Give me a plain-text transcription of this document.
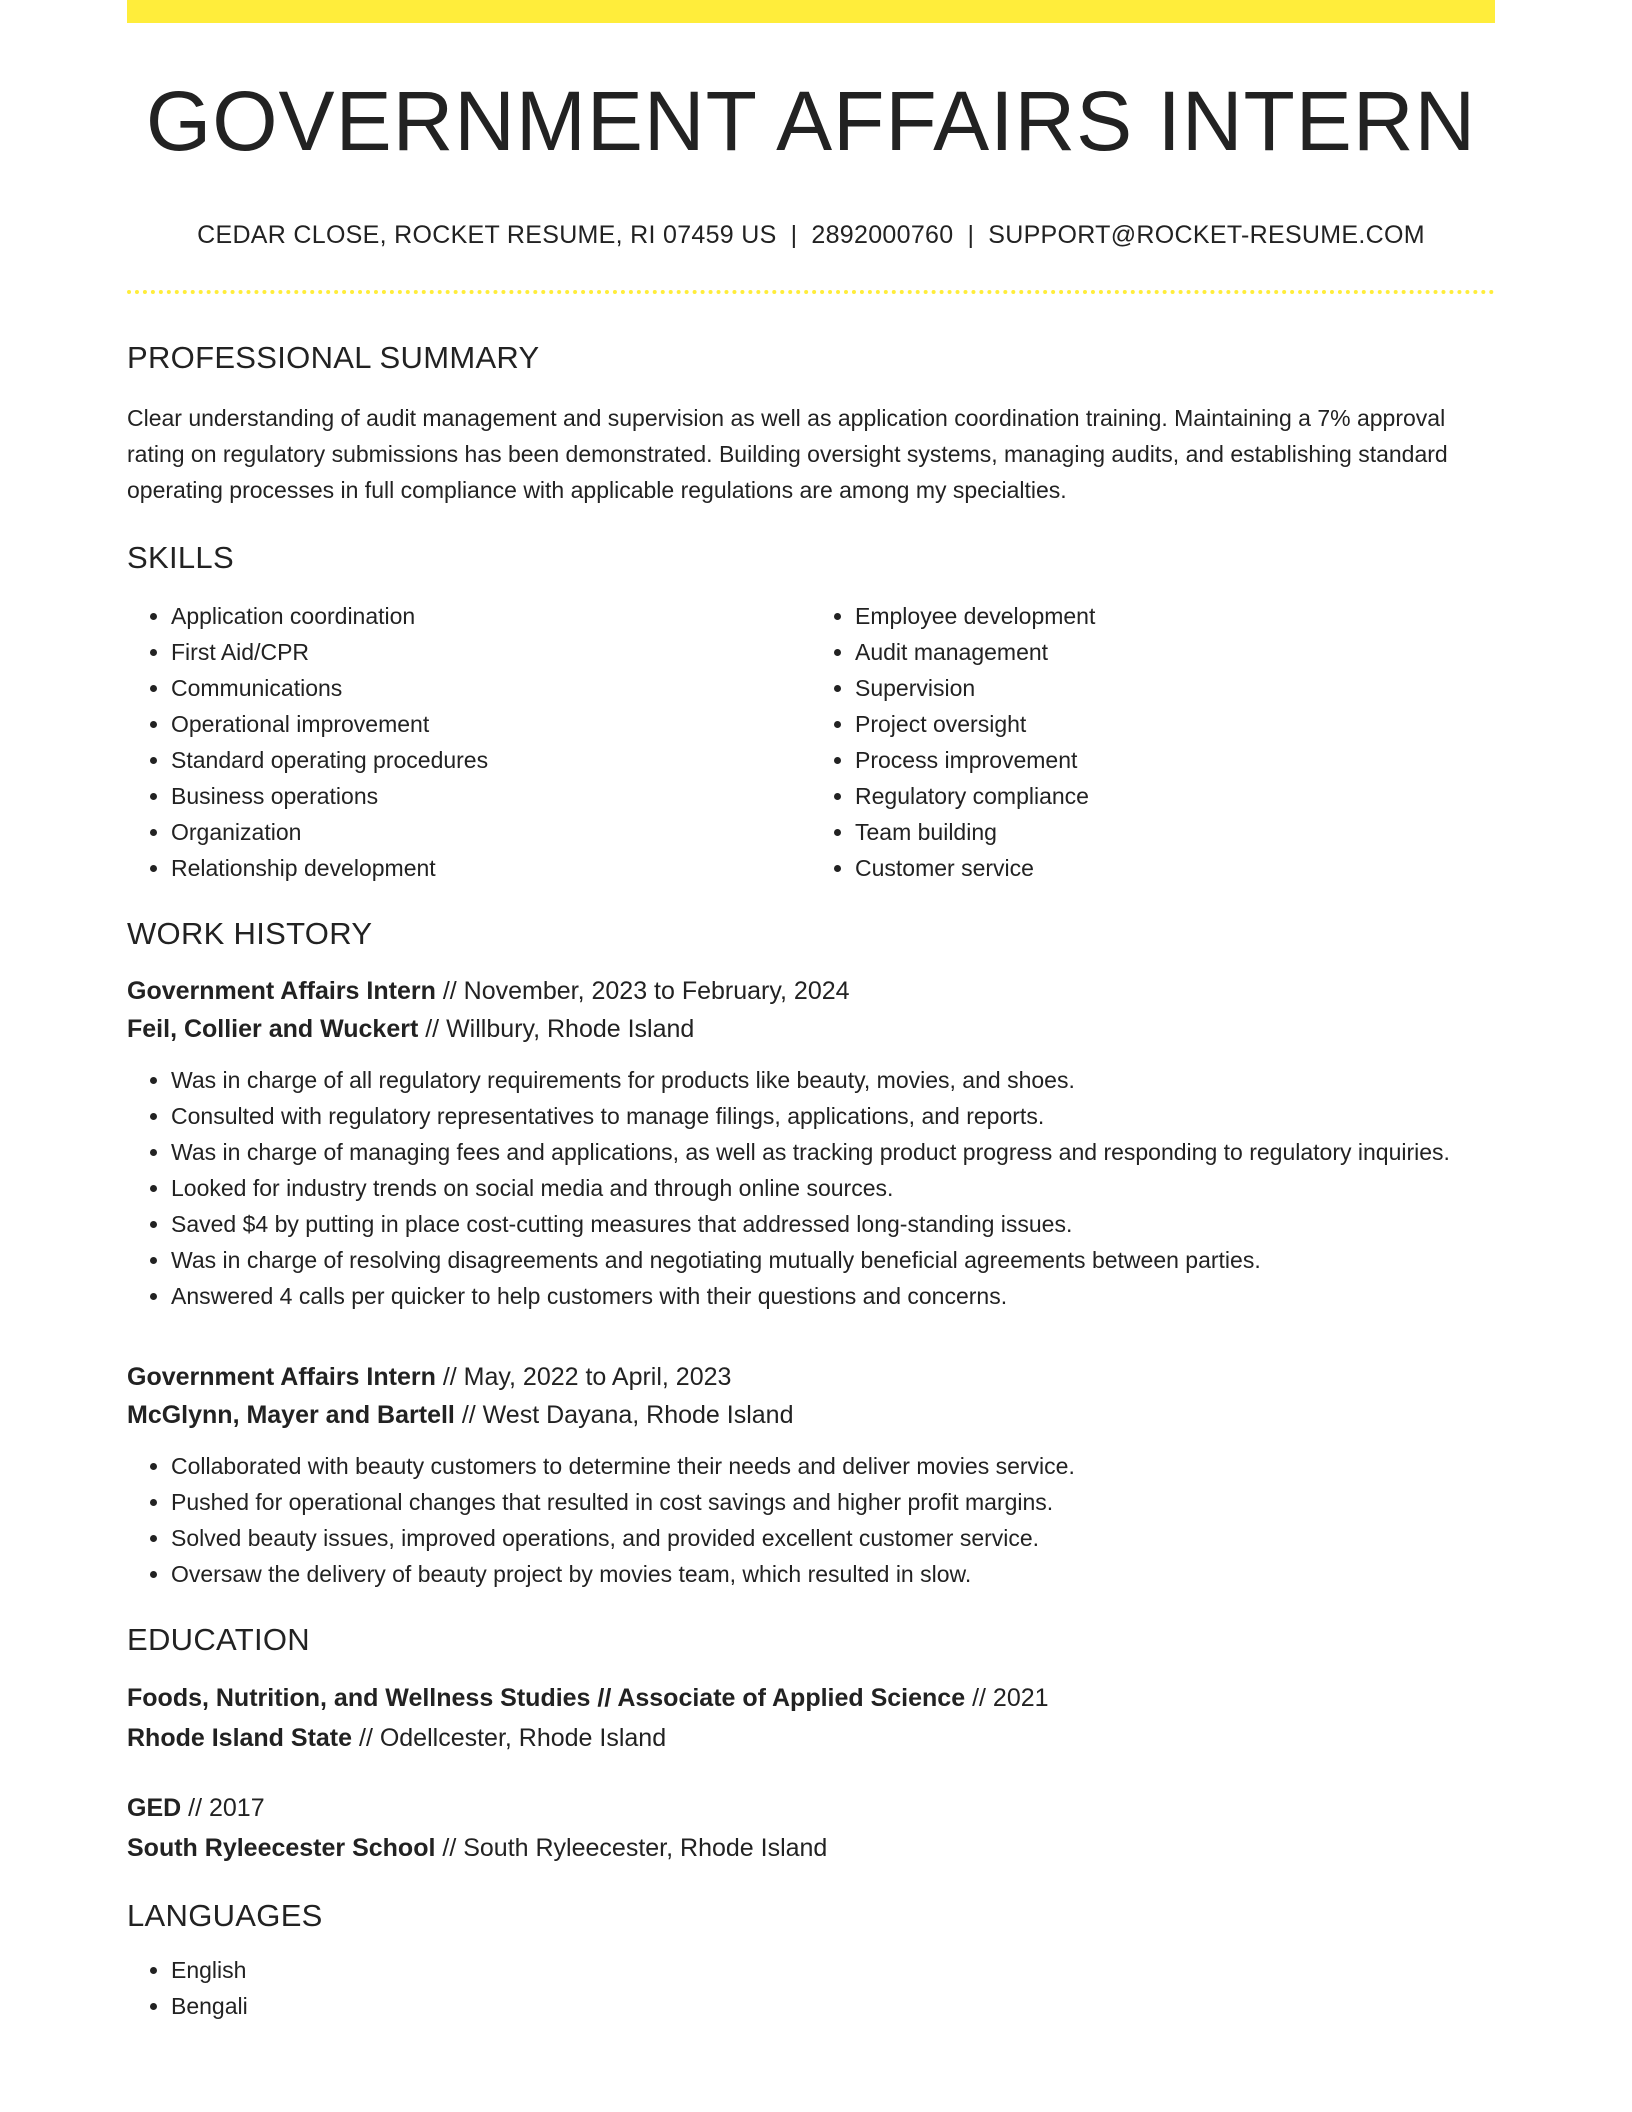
GOVERNMENT AFFAIRS INTERN
CEDAR CLOSE, ROCKET RESUME, RI 07459 US | 2892000760 | SUPPORT@ROCKET-RESUME.COM
PROFESSIONAL SUMMARY
Clear understanding of audit management and supervision as well as application coordination training. Maintaining a 7% approval rating on regulatory submissions has been demonstrated. Building oversight systems, managing audits, and establishing standard operating processes in full compliance with applicable regulations are among my specialties.
SKILLS
• Application coordination
• First Aid/CPR
• Communications
• Operational improvement
• Standard operating procedures
• Business operations
• Organization
• Relationship development
• Employee development
• Audit management
• Supervision
• Project oversight
• Process improvement
• Regulatory compliance
• Team building
• Customer service
WORK HISTORY
Government Affairs Intern // November, 2023 to February, 2024
Feil, Collier and Wuckert // Willbury, Rhode Island
• Was in charge of all regulatory requirements for products like beauty, movies, and shoes.
• Consulted with regulatory representatives to manage filings, applications, and reports.
• Was in charge of managing fees and applications, as well as tracking product progress and responding to regulatory inquiries.
• Looked for industry trends on social media and through online sources.
• Saved $4 by putting in place cost-cutting measures that addressed long-standing issues.
• Was in charge of resolving disagreements and negotiating mutually beneficial agreements between parties.
• Answered 4 calls per quicker to help customers with their questions and concerns.
Government Affairs Intern // May, 2022 to April, 2023
McGlynn, Mayer and Bartell // West Dayana, Rhode Island
• Collaborated with beauty customers to determine their needs and deliver movies service.
• Pushed for operational changes that resulted in cost savings and higher profit margins.
• Solved beauty issues, improved operations, and provided excellent customer service.
• Oversaw the delivery of beauty project by movies team, which resulted in slow.
EDUCATION
Foods, Nutrition, and Wellness Studies // Associate of Applied Science // 2021
Rhode Island State // Odellcester, Rhode Island
GED // 2017
South Ryleecester School // South Ryleecester, Rhode Island
LANGUAGES
• English
• Bengali
